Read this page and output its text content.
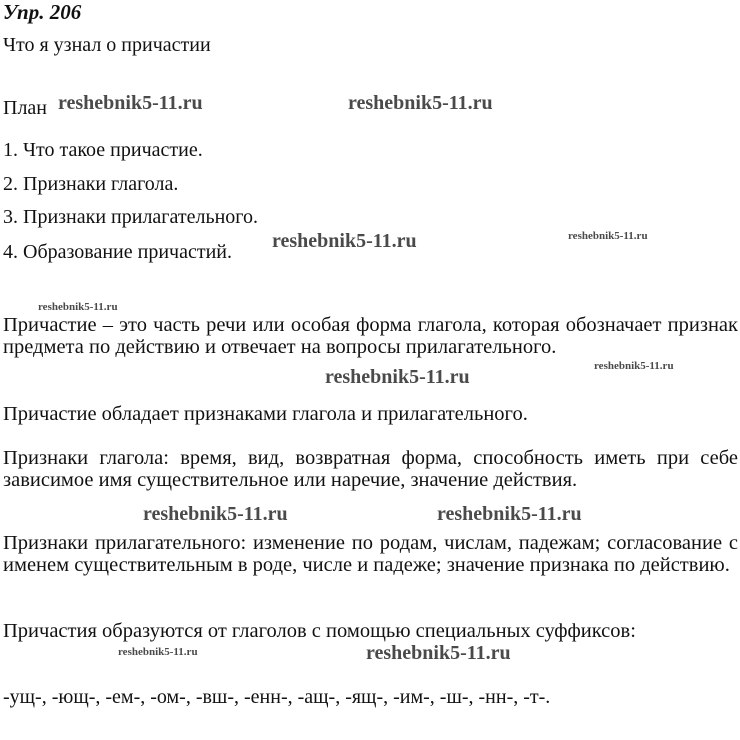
Упр. 206
Что я узнал о причастии
План
1. Что такое причастие.
2. Признаки глагола.
3. Признаки прилагательного.
4. Образование причастий.
Причастие – это часть речи или особая форма глагола, которая обозначает признак предмета по действию и отвечает на вопросы прилагательного.
Причастие обладает признаками глагола и прилагательного.
Признаки глагола: время, вид, возвратная форма, способность иметь при себе зависимое имя существительное или наречие, значение действия.
Признаки прилагательного: изменение по родам, числам, падежам; согласование с именем существительным в роде, числе и падеже; значение признака по действию.
Причастия образуются от глаголов с помощью специальных суффиксов:
-ущ-, -ющ-, -ем-, -ом-, -вш-, -енн-, -ащ-, -ящ-, -им-, -ш-, -нн-, -т-.
reshebnik5-11.ru	reshebnik5-11.ru
reshebnik5-11.ru	reshebnik5-11.ru
reshebnik5-11.ru
reshebnik5-11.ru
reshebnik5-11.ru
reshebnik5-11.ru	reshebnik5-11.ru
reshebnik5-11.ru	reshebnik5-11.ru
